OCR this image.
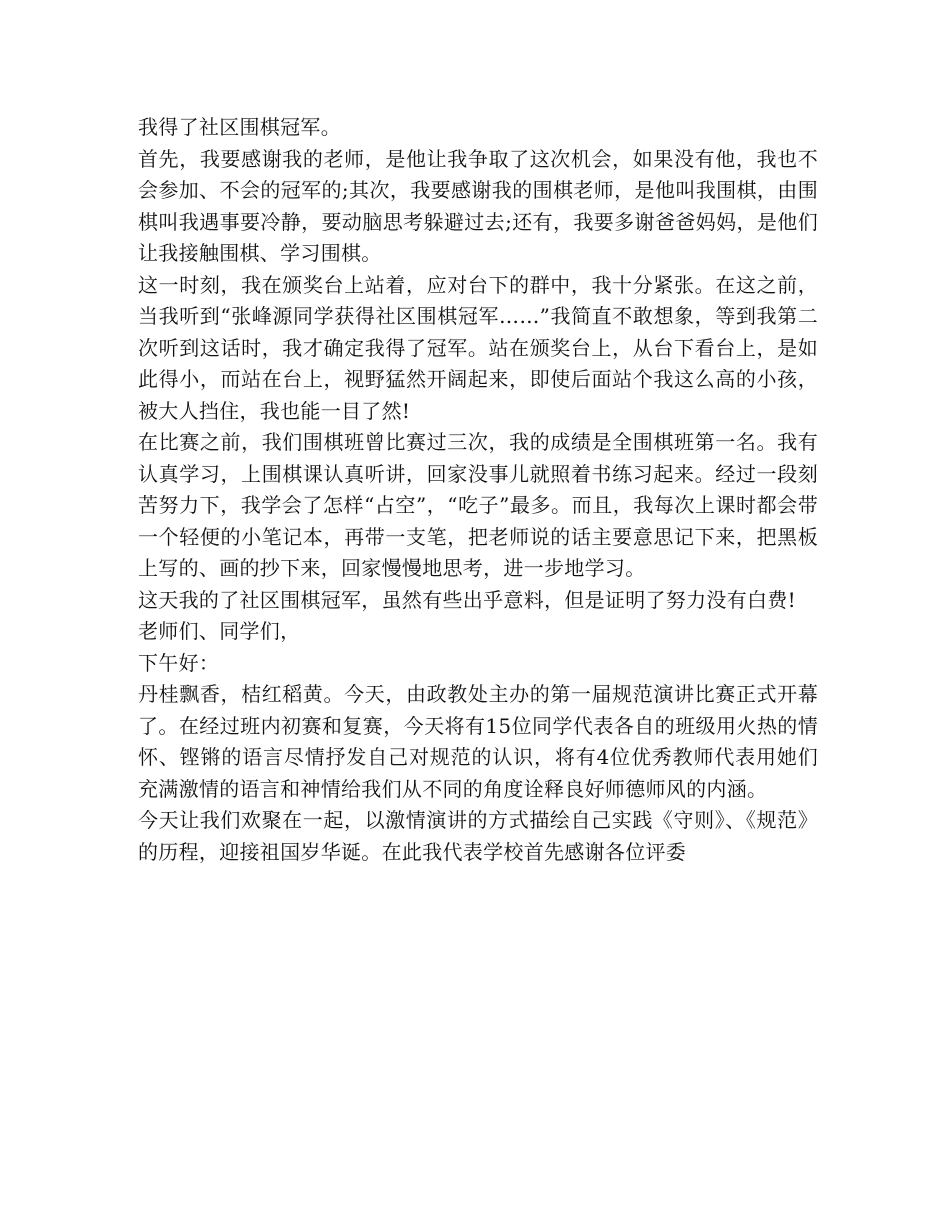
我得了社区围棋冠军。

首先，我要感谢我的老师，是他让我争取了这次机会，如果没有他，我也不会参加、不会的冠军的;其次，我要感谢我的围棋老师，是他叫我围棋，由围棋叫我遇事要冷静，要动脑思考躲避过去;还有，我要多谢爸爸妈妈，是他们让我接触围棋、学习围棋。

这一时刻，我在颁奖台上站着，应对台下的群中，我十分紧张。在这之前，当我听到“张峰源同学获得社区围棋冠军……”我简直不敢想象，等到我第二次听到这话时，我才确定我得了冠军。站在颁奖台上，从台下看台上，是如此得小，而站在台上，视野猛然开阔起来，即使后面站个我这么高的小孩，被大人挡住，我也能一目了然!

在比赛之前，我们围棋班曾比赛过三次，我的成绩是全围棋班第一名。我有认真学习，上围棋课认真听讲，回家没事儿就照着书练习起来。经过一段刻苦努力下，我学会了怎样“占空”，“吃子”最多。而且，我每次上课时都会带一个轻便的小笔记本，再带一支笔，把老师说的话主要意思记下来，把黑板上写的、画的抄下来，回家慢慢地思考，进一步地学习。

这天我的了社区围棋冠军，虽然有些出乎意料，但是证明了努力没有白费!

老师们、同学们，

下午好：

丹桂飘香，桔红稻黄。今天，由政教处主办的第一届规范演讲比赛正式开幕了。在经过班内初赛和复赛，今天将有15位同学代表各自的班级用火热的情怀、铿锵的语言尽情抒发自己对规范的认识，将有4位优秀教师代表用她们充满激情的语言和神情给我们从不同的角度诠释良好师德师风的内涵。

今天让我们欢聚在一起，以激情演讲的方式描绘自己实践《守则》、《规范》的历程，迎接祖国岁华诞。在此我代表学校首先感谢各位评委
